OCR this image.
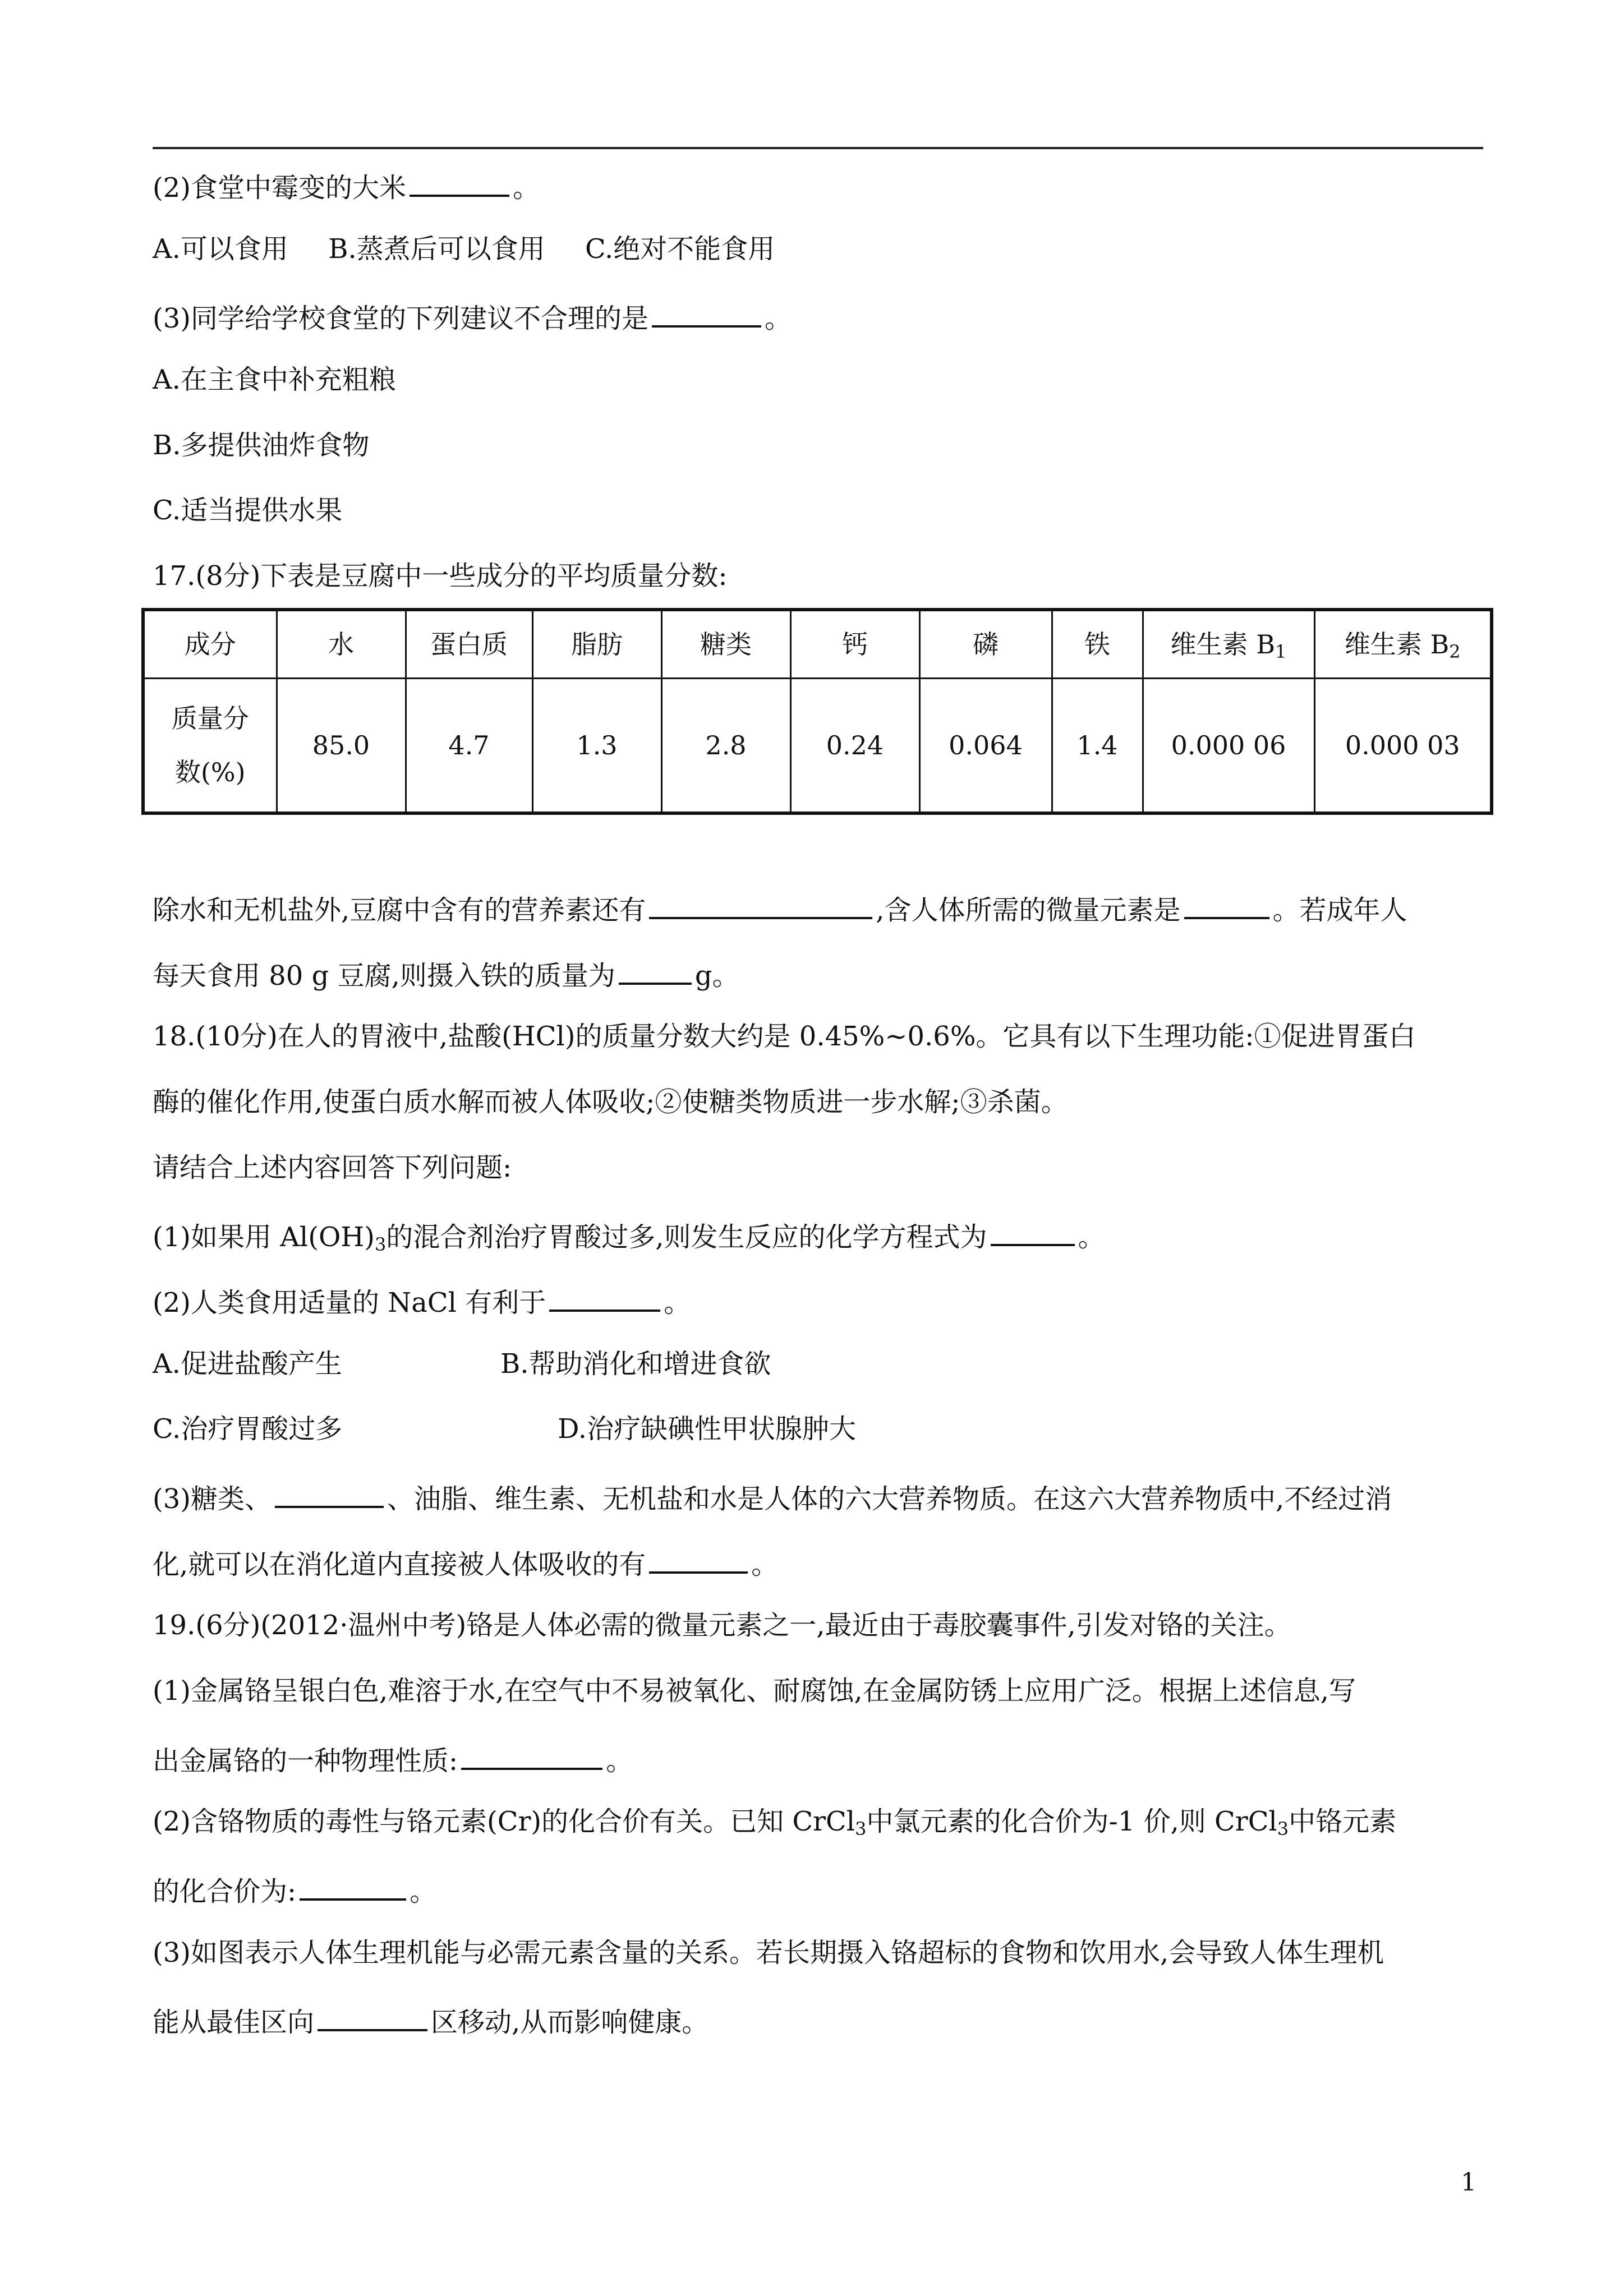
(2)食堂中霉变的大米	。
A.可以食用 B.蒸煮后可以食用 C.绝对不能食用
(3)同学给学校食堂的下列建议不合理的是	。
A.在主食中补充粗粮
B.多提供油炸食物
C.适当提供水果
17.(8分)下表是豆腐中一些成分的平均质量分数:
成分	水	蛋白质	脂肪	糖类	钙	磷	铁	维生素 $B_1$	维生素 $B_2$

质量分
数(%)	85.0	4.7	1.3	2.8	0.24	0.064	1.4	0.000 06	0.000 03
除水和无机盐外,豆腐中含有的营养素还有	,含人体所需的微量元素是	。若成年人
每天食用 80 g 豆腐,则摄入铁的质量为	g。
18.(10分)在人的胃液中,盐酸(HCl)的质量分数大约是 0.45%~0.6%。它具有以下生理功能:①促进胃蛋白
酶的催化作用,使蛋白质水解而被人体吸收;②使糖类物质进一步水解;③杀菌。
请结合上述内容回答下列问题:
(1)如果用 $Al(OH)_3$的混合剂治疗胃酸过多,则发生反应的化学方程式为	。
(2)人类食用适量的 NaCl 有利于	。
A.促进盐酸产生	B.帮助消化和增进食欲
C.治疗胃酸过多	D.治疗缺碘性甲状腺肿大
(3)糖类、	、油脂、维生素、无机盐和水是人体的六大营养物质。在这六大营养物质中,不经过消
化,就可以在消化道内直接被人体吸收的有	。
19.(6分)(2012·温州中考)铬是人体必需的微量元素之一,最近由于毒胶囊事件,引发对铬的关注。
(1)金属铬呈银白色,难溶于水,在空气中不易被氧化、耐腐蚀,在金属防锈上应用广泛。根据上述信息,写
出金属铬的一种物理性质:	。
(2)含铬物质的毒性与铬元素(Cr)的化合价有关。已知 CrCl$_3$中氯元素的化合价为-1 价,则 CrCl$_3$中铬元素
的化合价为:	。
(3)如图表示人体生理机能与必需元素含量的关系。若长期摄入铬超标的食物和饮用水,会导致人体生理机
能从最佳区向	区移动,从而影响健康。
1
